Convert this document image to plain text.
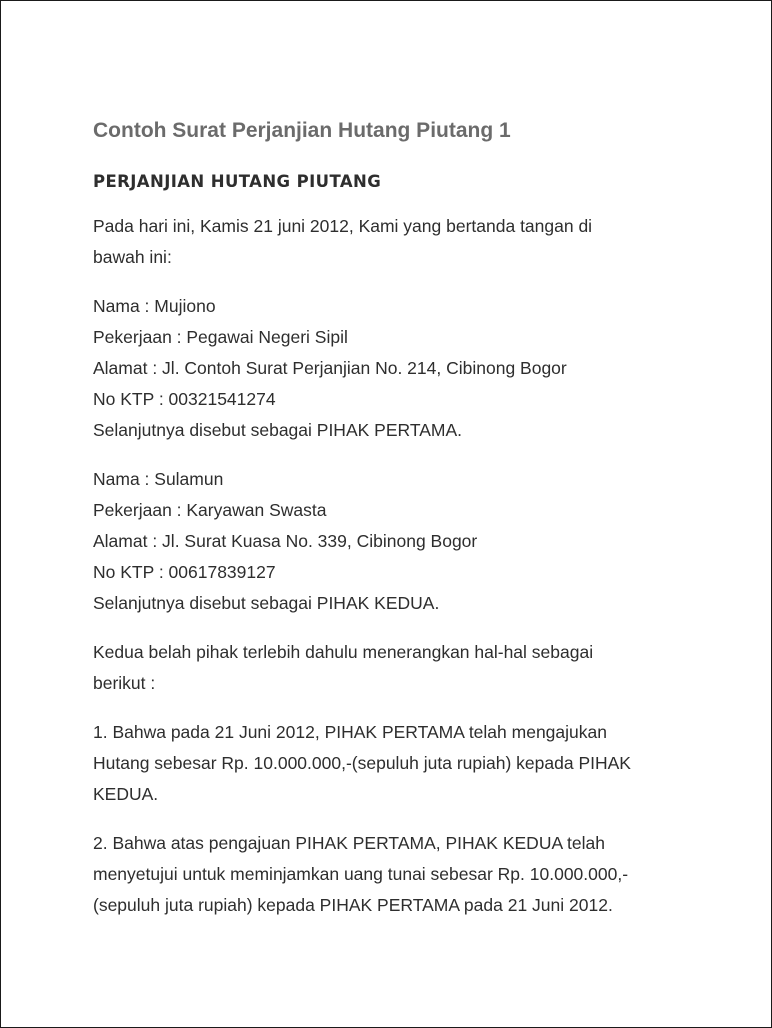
Contoh Surat Perjanjian Hutang Piutang 1
PERJANJIAN HUTANG PIUTANG
Pada hari ini, Kamis 21 juni 2012, Kami yang bertanda tangan di
bawah ini:
Nama : Mujiono
Pekerjaan : Pegawai Negeri Sipil
Alamat : Jl. Contoh Surat Perjanjian No. 214, Cibinong Bogor
No KTP : 00321541274
Selanjutnya disebut sebagai PIHAK PERTAMA.
Nama : Sulamun
Pekerjaan : Karyawan Swasta
Alamat : Jl. Surat Kuasa No. 339, Cibinong Bogor
No KTP : 00617839127
Selanjutnya disebut sebagai PIHAK KEDUA.
Kedua belah pihak terlebih dahulu menerangkan hal-hal sebagai
berikut :
1. Bahwa pada 21 Juni 2012, PIHAK PERTAMA telah mengajukan
Hutang sebesar Rp. 10.000.000,-(sepuluh juta rupiah) kepada PIHAK
KEDUA.
2. Bahwa atas pengajuan PIHAK PERTAMA, PIHAK KEDUA telah
menyetujui untuk meminjamkan uang tunai sebesar Rp. 10.000.000,-
(sepuluh juta rupiah) kepada PIHAK PERTAMA pada 21 Juni 2012.
